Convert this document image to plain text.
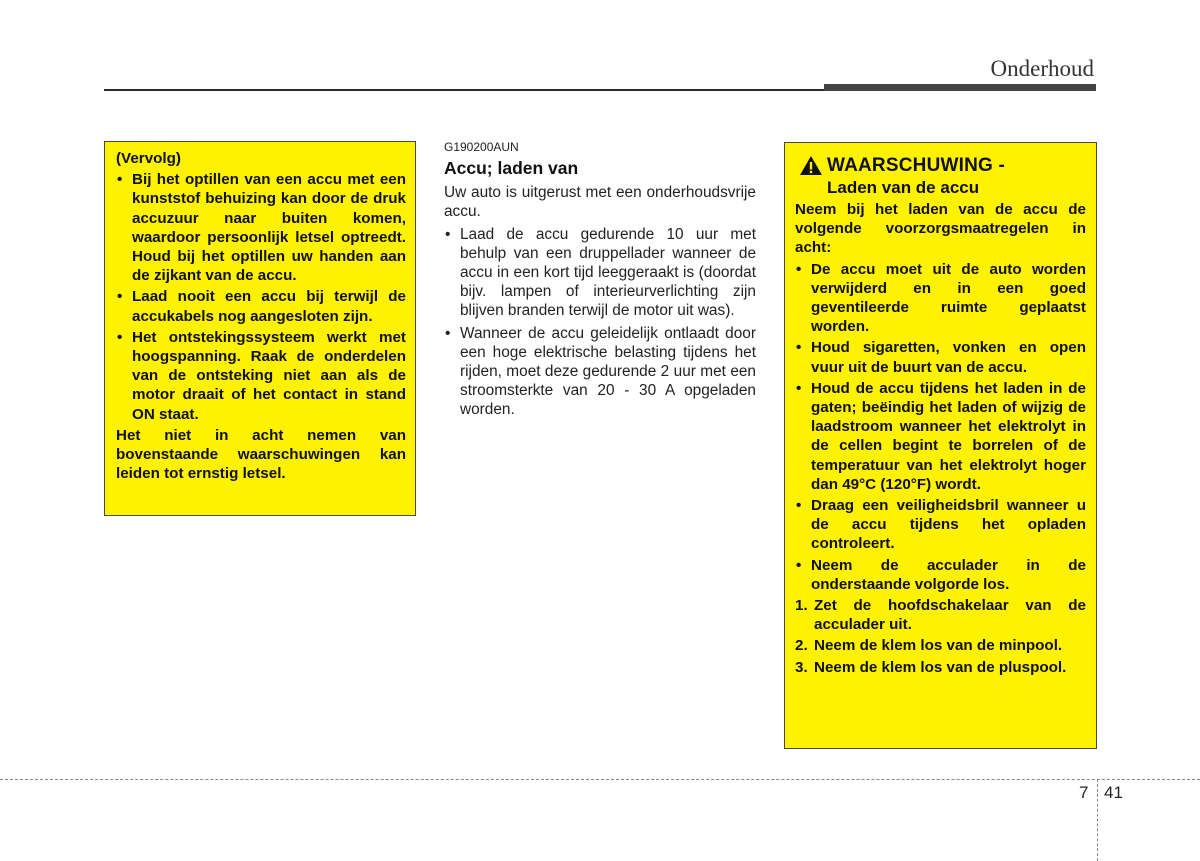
Onderhoud

(Vervolg)

• Bij het optillen van een accu met een kunststof behuizing kan door de druk accuzuur naar buiten komen, waardoor persoonlijk letsel optreedt. Houd bij het optillen uw handen aan de zijkant van de accu.
• Laad nooit een accu bij terwijl de accukabels nog aangesloten zijn.
• Het ontstekingssysteem werkt met hoogspanning. Raak de onderdelen van de ontsteking niet aan als de motor draait of het contact in stand ON staat.

Het niet in acht nemen van bovenstaande waarschuwingen kan leiden tot ernstig letsel.

G190200AUN
Accu; laden van

Uw auto is uitgerust met een onderhoudsvrije accu.

• Laad de accu gedurende 10 uur met behulp van een druppellader wanneer de accu in een kort tijd leeggeraakt is (doordat bijv. lampen of interieurverlichting zijn blijven branden terwijl de motor uit was).
• Wanneer de accu geleidelijk ontlaadt door een hoge elektrische belasting tijdens het rijden, moet deze gedurende 2 uur met een stroomsterkte van 20 - 30 A opgeladen worden.
WAARSCHUWING -
Laden van de accu

Neem bij het laden van de accu de volgende voorzorgsmaatregelen in acht:

• De accu moet uit de auto worden verwijderd en in een goed geventileerde ruimte geplaatst worden.
• Houd sigaretten, vonken en open vuur uit de buurt van de accu.
• Houd de accu tijdens het laden in de gaten; beëindig het laden of wijzig de laadstroom wanneer het elektrolyt in de cellen begint te borrelen of de temperatuur van het elektrolyt hoger dan 49°C (120°F) wordt.
• Draag een veiligheidsbril wanneer u de accu tijdens het opladen controleert.
• Neem de acculader in de onderstaande volgorde los.
1. Zet de hoofdschakelaar van de acculader uit.
2. Neem de klem los van de minpool.
3. Neem de klem los van de pluspool.
7 41
